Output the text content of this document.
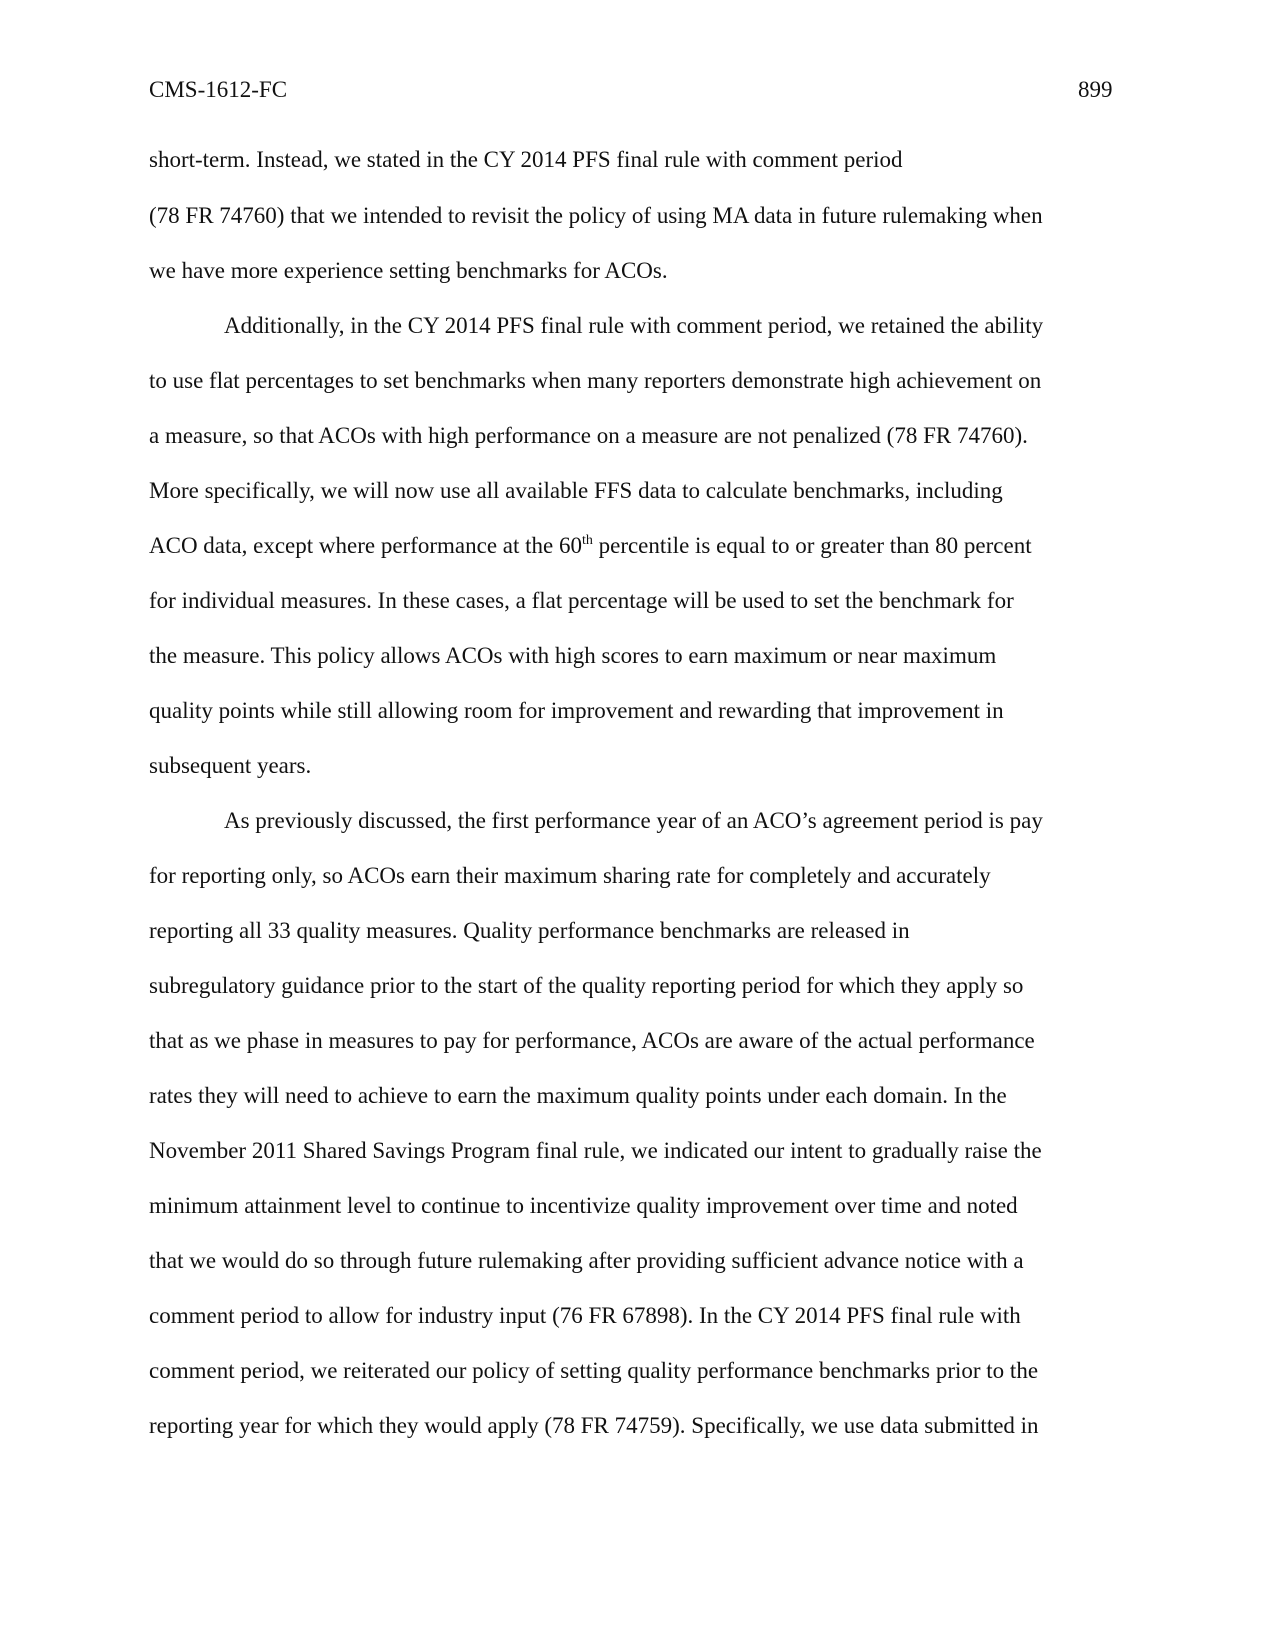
CMS-1612-FC	899
short-term. Instead, we stated in the CY 2014 PFS final rule with comment period
(78 FR 74760) that we intended to revisit the policy of using MA data in future rulemaking when
we have more experience setting benchmarks for ACOs.
Additionally, in the CY 2014 PFS final rule with comment period, we retained the ability
to use flat percentages to set benchmarks when many reporters demonstrate high achievement on
a measure, so that ACOs with high performance on a measure are not penalized (78 FR 74760).
More specifically, we will now use all available FFS data to calculate benchmarks, including
ACO data, except where performance at the 60th percentile is equal to or greater than 80 percent
for individual measures. In these cases, a flat percentage will be used to set the benchmark for
the measure. This policy allows ACOs with high scores to earn maximum or near maximum
quality points while still allowing room for improvement and rewarding that improvement in
subsequent years.
As previously discussed, the first performance year of an ACO’s agreement period is pay
for reporting only, so ACOs earn their maximum sharing rate for completely and accurately
reporting all 33 quality measures. Quality performance benchmarks are released in
subregulatory guidance prior to the start of the quality reporting period for which they apply so
that as we phase in measures to pay for performance, ACOs are aware of the actual performance
rates they will need to achieve to earn the maximum quality points under each domain. In the
November 2011 Shared Savings Program final rule, we indicated our intent to gradually raise the
minimum attainment level to continue to incentivize quality improvement over time and noted
that we would do so through future rulemaking after providing sufficient advance notice with a
comment period to allow for industry input (76 FR 67898). In the CY 2014 PFS final rule with
comment period, we reiterated our policy of setting quality performance benchmarks prior to the
reporting year for which they would apply (78 FR 74759). Specifically, we use data submitted in
